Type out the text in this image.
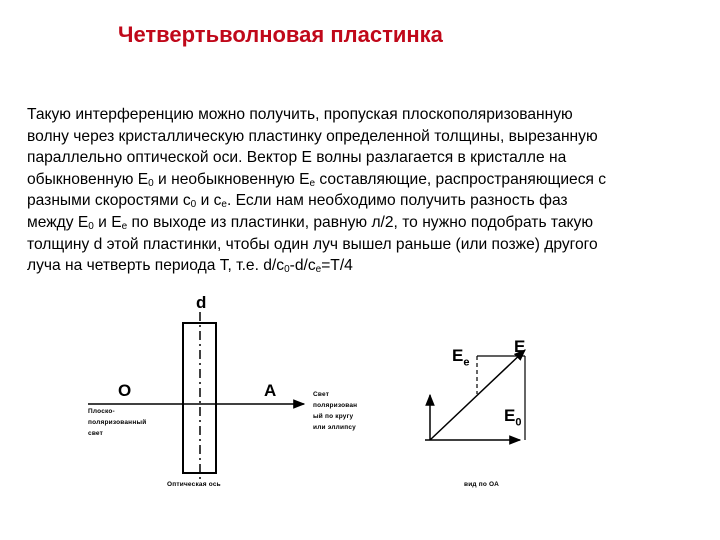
Четвертьволновая пластинка

Такую интерференцию можно получить, пропуская плоскополяризованную

волну через кристаллическую пластинку определенной толщины, вырезанную

параллельно оптической оси. Вектор Е волны разлагается в кристалле на

обыкновенную $Е_0$ и необыкновенную $Е_е$ составляющие, распространяющиеся с

разными скоростями $с_0$ и $с_е$. Если нам необходимо получить разность фаз

между $Е_0$ и $Е_е$ по выходе из пластинки, равную л/2, то нужно подобрать такую

толщину d этой пластинки, чтобы один луч вышел раньше (или позже) другого

луча на четверть периода Т, т.е. $d/c_0-d/c_e=T/4$

d
O	A
Плоско-
поляризованный
свет
Оптическая ось
Свет
поляризован
ый по кругу
или эллипсу
E
$E_e$
$E_0$
вид по ОА
